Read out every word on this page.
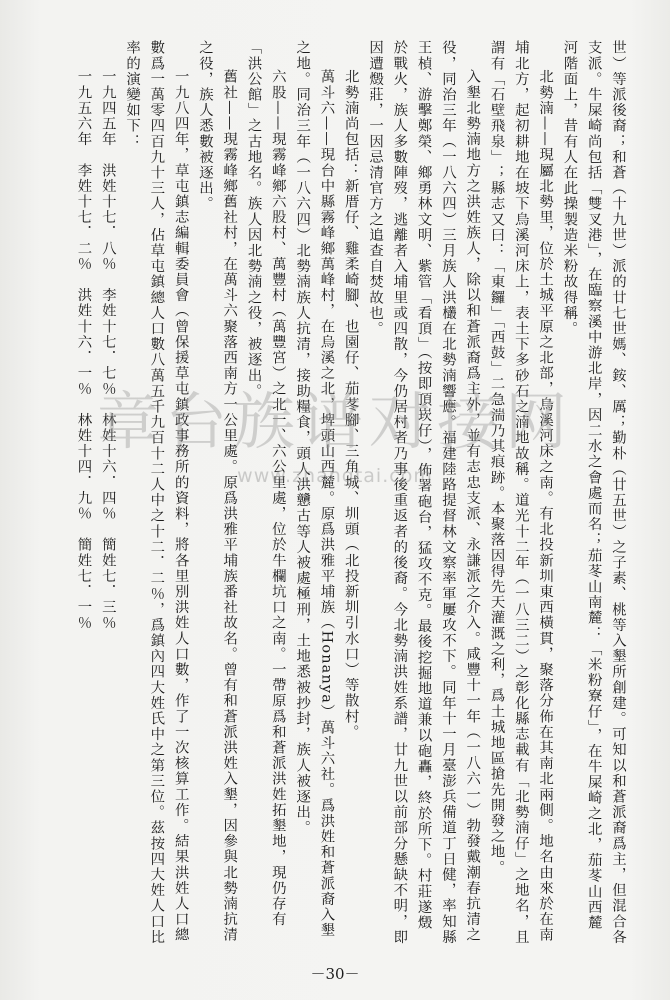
世）等派後裔；和蒼（十九世）派的廿七世媽、銨、厲；勤朴（廿五世）之子素、桃等入墾所創建。可知以和蒼派裔爲主，但混合各支派。牛屎崎尚包括「雙叉港」，在臨察溪中游北岸，因二水之會處而名；茄苳山南麓：「米粉寮仔」，在牛屎崎之北，茄苳山西麓河階面上，昔有人在此操製造米粉故得稱。

北勢湳——現屬北勢里，位於土城平原之北部，烏溪河床之南。有北投新圳東西橫貫，聚落分佈在其南北兩側。地名由來於在南埔北方，起初耕地在坡下烏溪河床上，表土下多砂石之湳地故稱。道光十二年（一八三二）之彰化縣志載有「北勢湳仔」之地名，且謂有「石壁飛泉」；縣志又曰：「東鑼」「西鼓」二急湍乃其痕跡。本聚落因得先天灌溉之利，爲土城地區搶先開發之地。

入墾北勢湳地方之洪姓族人，除以和蒼派裔爲主外，並有志忠支派、永謙派之介入。咸豐十一年（一八六一）勃發戴潮春抗清之役，同治三年（一八六四）三月族人洪欉在北勢湳響應。福建陸路提督林文察率軍屢攻不下。同年十一月臺澎兵備道丁日健，率知縣王楨、游擊鄭榮、鄉勇林文明、紫管「看頂」（按即頂崁仔），佈署砲台，猛攻不克。最後挖掘地道兼以砲轟，終於所下。村莊遂燬於戰火，族人多數陣歿，逃離者入埔里或四散，今仍居村者乃事後重返者的後裔。今北勢湳洪姓系譜，廿九世以前部分懸缺不明，即因遭燬莊，一因忌清官方之追查自焚故也。

北勢湳尚包括：新厝仔、雞柔崎腳、也園仔、茄苳腳、三角城、圳頭（北投新圳引水口）等散村。

萬斗六——現台中縣霧峰鄉萬峰村，在烏溪之北，埤頭山西麓。原爲洪雅平埔族（Honanya）萬斗六社。爲洪姓和蒼派裔入墾之地。同治三年（一八六四）北勢湳族人抗清，接助糧食，頭人洪戇古等人被處極刑，土地悉被抄封，族人被逐出。

六股——現霧峰鄉六股村、萬豐村（萬豐宮）之北一、六公里處，位於牛欄坑口之南。一帶原爲和蒼派洪姓拓墾地，現仍存有「洪公館」之古地名。族人因北勢湳之役，被逐出。

舊社——現霧峰鄉舊社村，在萬斗六聚落西南方一公里處。原爲洪雅平埔族番社故名。曾有和蒼派洪姓入墾，因參與北勢湳抗清之役，族人悉數被逐出。

一九八四年，草屯鎮志編輯委員會（曾保援草屯鎮政事務所的資料，將各里別洪姓人口數，作了一次核算工作。結果洪姓人口總數爲一萬零四百九十三人，佔草屯鎮總人口數八萬五千九百十二人中之十二．二％，爲鎮內四大姓氏中之第三位。茲按四大姓人口比率的演變如下：

一九四五年　洪姓十七．八％　李姓十七．七％　林姓十六．四％　簡姓七．三％

一九五六年　李姓十七．二％　洪姓十六．一％　林姓十四．九％　簡姓七．一％ 章台族谱对接网
www.zhangtai.com
－30－
